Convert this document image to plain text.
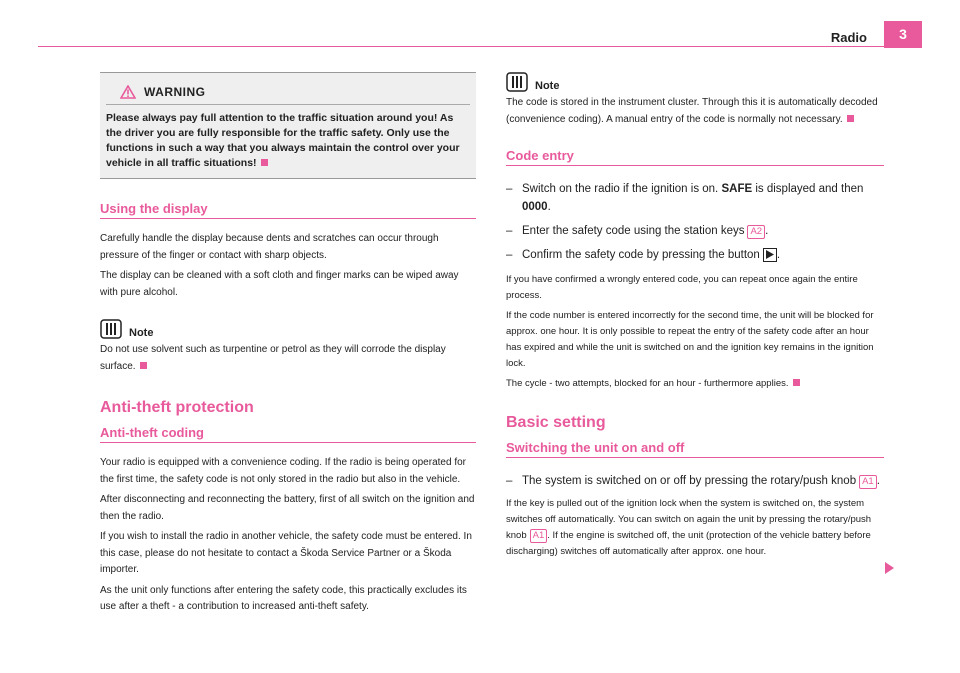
Radio	3
WARNING
Please always pay full attention to the traffic situation around you! As the driver you are fully responsible for the traffic safety. Only use the functions in such a way that you always maintain the control over your vehicle in all traffic situations!
Using the display

Carefully handle the display because dents and scratches can occur through pressure of the finger or contact with sharp objects.

The display can be cleaned with a soft cloth and finger marks can be wiped away with pure alcohol.

Note

Do not use solvent such as turpentine or petrol as they will corrode the display surface.

Anti-theft protection
Anti-theft coding

Your radio is equipped with a convenience coding. If the radio is being operated for the first time, the safety code is not only stored in the radio but also in the vehicle.

After disconnecting and reconnecting the battery, first of all switch on the ignition and then the radio.

If you wish to install the radio in another vehicle, the safety code must be entered. In this case, please do not hesitate to contact a Škoda Service Partner or a Škoda importer.

As the unit only functions after entering the safety code, this practically excludes its use after a theft - a contribution to increased anti-theft safety.

Note

The code is stored in the instrument cluster. Through this it is automatically decoded (convenience coding). A manual entry of the code is normally not necessary.

Code entry
– Switch on the radio if the ignition is on. SAFE is displayed and then
0000.
– Enter the safety code using the station keys A2 .
– Confirm the safety code by pressing the button .

If you have confirmed a wrongly entered code, you can repeat once again the entire process.

If the code number is entered incorrectly for the second time, the unit will be blocked for approx. one hour. It is only possible to repeat the entry of the safety code after an hour has expired and while the unit is switched on and the ignition key remains in the ignition lock.

The cycle - two attempts, blocked for an hour - furthermore applies.

Basic setting
Switching the unit on and off
– The system is switched on or off by pressing the rotary/push knob A1 .

If the key is pulled out of the ignition lock when the system is switched on, the system switches off automatically. You can switch on again the unit by pressing the rotary/push knob A1 . If the engine is switched off, the unit (protection of the vehicle battery before discharging) switches off automatically after approx. one hour.
